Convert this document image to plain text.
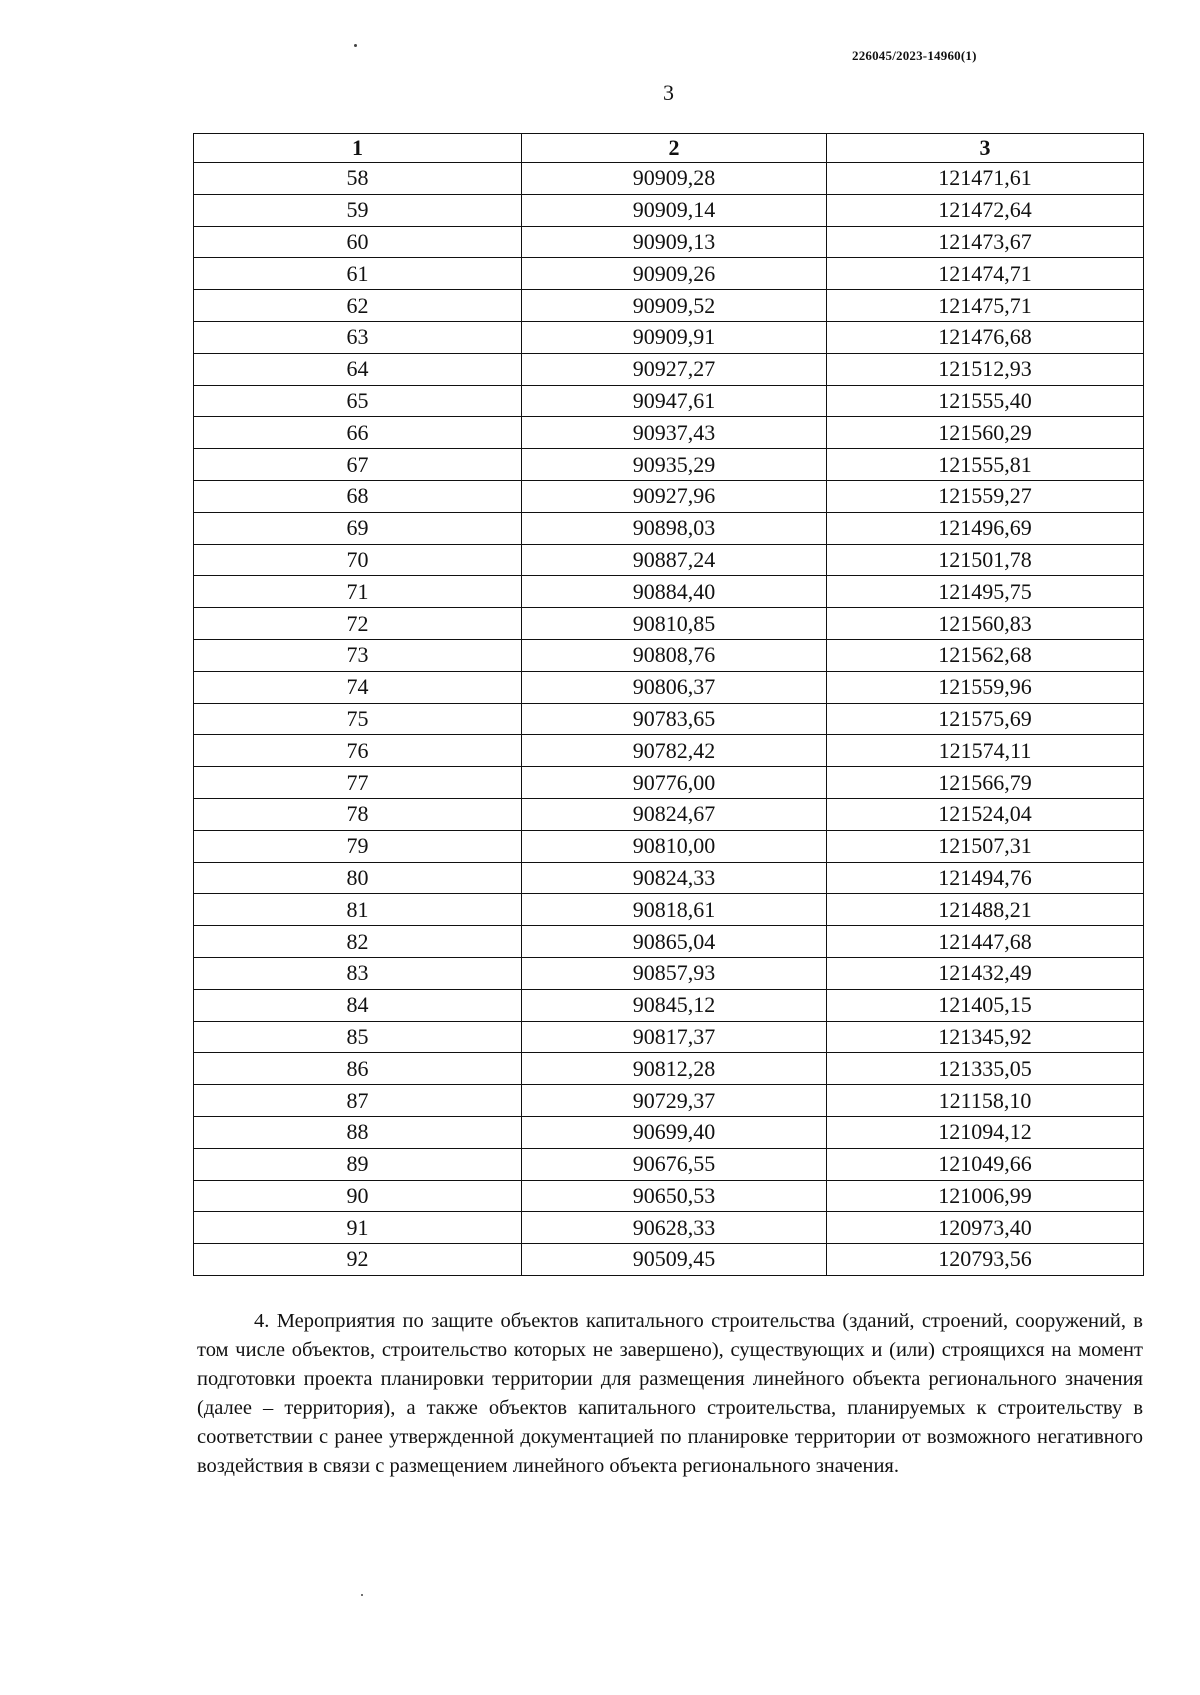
226045/2023-14960(1)
3
1	2	3
58	90909,28	121471,61
59	90909,14	121472,64
60	90909,13	121473,67
61	90909,26	121474,71
62	90909,52	121475,71
63	90909,91	121476,68
64	90927,27	121512,93
65	90947,61	121555,40
66	90937,43	121560,29
67	90935,29	121555,81
68	90927,96	121559,27
69	90898,03	121496,69
70	90887,24	121501,78
71	90884,40	121495,75
72	90810,85	121560,83
73	90808,76	121562,68
74	90806,37	121559,96
75	90783,65	121575,69
76	90782,42	121574,11
77	90776,00	121566,79
78	90824,67	121524,04
79	90810,00	121507,31
80	90824,33	121494,76
81	90818,61	121488,21
82	90865,04	121447,68
83	90857,93	121432,49
84	90845,12	121405,15
85	90817,37	121345,92
86	90812,28	121335,05
87	90729,37	121158,10
88	90699,40	121094,12
89	90676,55	121049,66
90	90650,53	121006,99
91	90628,33	120973,40
92	90509,45	120793,56

4. Мероприятия по защите объектов капитального строительства (зданий, строений, сооружений, в том числе объектов, строительство которых не завершено), существующих и (или) строящихся на момент подготовки проекта планировки территории для размещения линейного объекта регионального значения (далее – территория), а также объектов капитального строительства, планируемых к строительству в соответствии с ранее утвержденной документацией по планировке территории от возможного негативного воздействия в связи с размещением линейного объекта регионального значения.
